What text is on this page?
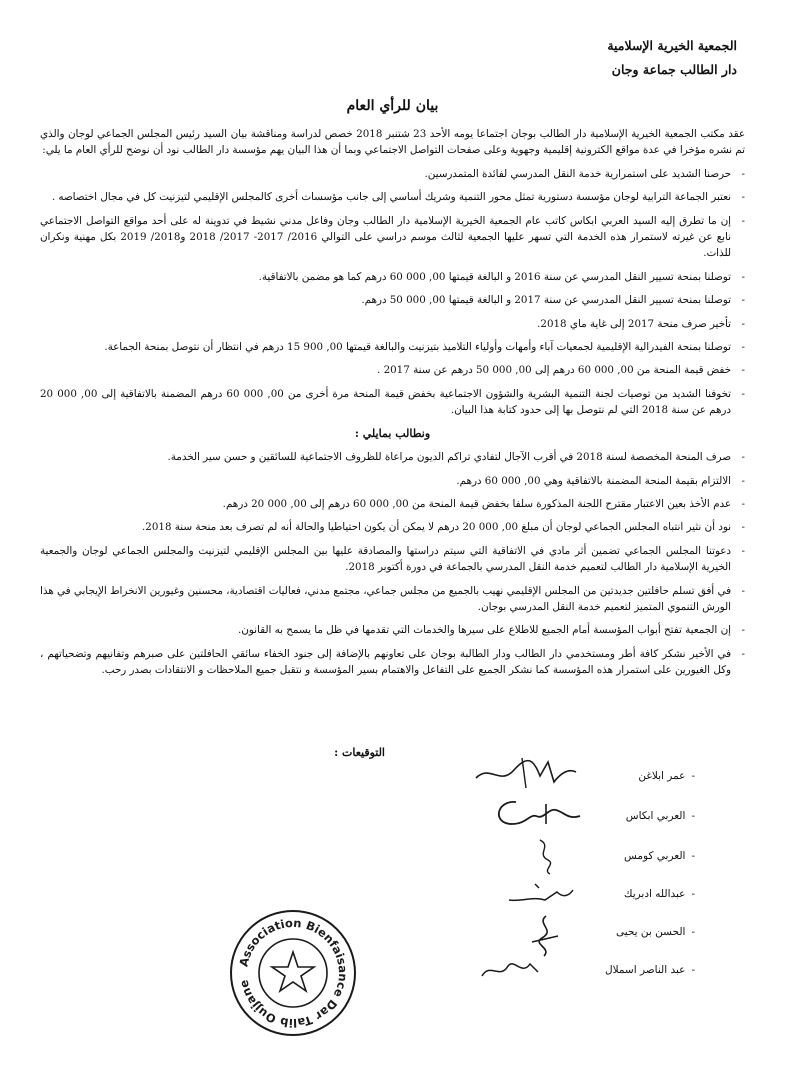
الجمعية الخيرية الإسلامية
دار الطالب جماعة وجان
بيان للرأي العام

عقد مكتب الجمعية الخيرية الإسلامية دار الطالب بوجان اجتماعا يومه الأحد 23 شتنبر 2018 خصص لدراسة ومناقشة بيان السيد رئيس المجلس الجماعي لوجان والذي تم نشره مؤخرا في عدة مواقع الكترونية إقليمية وجهوية وعلى صفحات التواصل الاجتماعي وبما أن هذا البيان يهم مؤسسة دار الطالب نود أن نوضح للرأي العام ما يلي:

- حرصنا الشديد على استمرارية خدمة النقل المدرسي لفائدة المتمدرسين.

- نعتبر الجماعة الترابية لوجان مؤسسة دستورية تمثل محور التنمية وشريك أساسي إلى جانب مؤسسات أخرى كالمجلس الإقليمي لتيزنيت كل في مجال اختصاصه .

- إن ما تطرق إليه السيد العربي ابكاس كاتب عام الجمعية الخيرية الإسلامية دار الطالب وجان وفاعل مدني نشيط في تدوينة له على أحد مواقع التواصل الاجتماعي نابع عن غيرته لاستمرار هذه الخدمة التي تسهر عليها الجمعية لثالث موسم دراسي على التوالي 2016/ 2017- 2017/ 2018 و2018/ 2019 بكل مهنية ونكران للذات.

- توصلنا بمنحة تسيير النقل المدرسي عن سنة 2016 و البالغة قيمتها 00, 000 60 درهم كما هو مضمن بالاتفاقية.

- توصلنا بمنحة تسيير النقل المدرسي عن سنة 2017 و البالغة قيمتها 00, 000 50 درهم.

- تأخير صرف منحة 2017 إلى غاية ماي 2018.

- توصلنا بمنحة الفيدرالية الإقليمية لجمعيات آباء وأمهات وأولياء التلاميذ بتيزنيت والبالغة قيمتها 00, 900 15 درهم في انتظار أن نتوصل بمنحة الجماعة.

- خفض قيمة المنحة من 00, 000 60 درهم إلى 00, 000 50 درهم عن سنة 2017 .

- تخوفنا الشديد من توصيات لجنة التنمية البشرية والشؤون الاجتماعية بخفض قيمة المنحة مرة أخرى من 00, 000 60 درهم المضمنة بالاتفاقية إلى 00, 000 20 درهم عن سنة 2018 التي لم نتوصل بها إلى حدود كتابة هذا البيان.

ونطالب بمايلي :

- صرف المنحة المخصصة لسنة 2018 في أقرب الآجال لتفادي تراكم الديون مراعاة للظروف الاجتماعية للسائقين و حسن سير الخدمة.

- الالتزام بقيمة المنحة المضمنة بالاتفاقية وهي 00, 000 60 درهم.

- عدم الأخذ بعين الاعتبار مقترح اللجنة المذكورة سلفا بخفض قيمة المنحة من 00, 000 60 درهم إلى 00, 000 20 درهم.

- نود أن نثير انتباه المجلس الجماعي لوجان أن مبلغ 00, 000 20 درهم لا يمكن أن يكون احتياطيا والحالة أنه لم تصرف بعد منحة سنة 2018.

- دعوتنا المجلس الجماعي تضمين أثر مادي في الاتفاقية التي سيتم دراستها والمصادقة عليها بين المجلس الإقليمي لتيزنيت والمجلس الجماعي لوجان والجمعية الخيرية الإسلامية دار الطالب لتعميم خدمة النقل المدرسي بالجماعة في دورة أكتوبر 2018.

- في أفق تسلم حافلتين جديدتين من المجلس الإقليمي نهيب بالجميع من مجلس جماعي، مجتمع مدني، فعاليات اقتصادية، محسنين وغيورين الانخراط الإيجابي في هذا الورش التنموي المتميز لتعميم خدمة النقل المدرسي بوجان.

- إن الجمعية تفتح أبواب المؤسسة أمام الجميع للاطلاع على سيرها والخدمات التي تقدمها في ظل ما يسمح به القانون.

- في الأخير نشكر كافة أطر ومستخدمي دار الطالب ودار الطالبة بوجان على تعاونهم بالإضافة إلى جنود الخفاء سائقي الحافلتين على صبرهم وتفانيهم وتضحياتهم ، وكل الغيورين على استمرار هذه المؤسسة كما نشكر الجميع على التفاعل والاهتمام بسير المؤسسة و نتقبل جميع الملاحظات و الانتقادات بصدر رحب.

التوقيعات :
- عمر ابلاغن
- العربي ابكاس
- العربي كومس
- عبدالله ادبريك
- الحسن بن يحيى
- عبد الناصر اسملال
Association Bienfaisance Dar Talib Oujjane
